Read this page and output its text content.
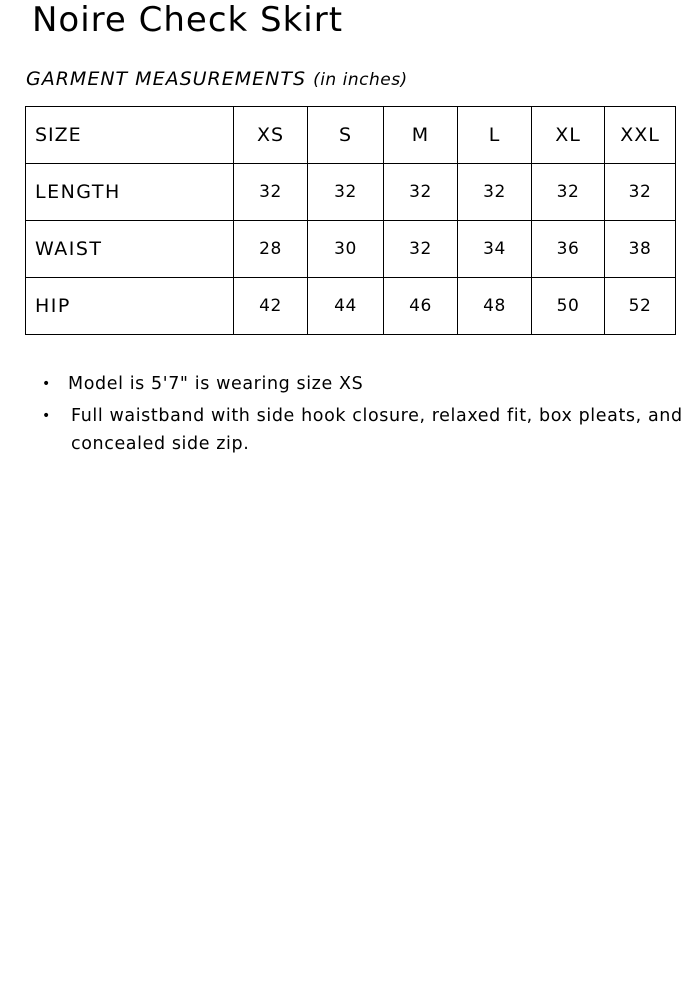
Noire Check Skirt

GARMENT MEASUREMENTS (in inches)

SIZE	XS	S	M	L	XL	XXL
LENGTH	32	32	32	32	32	32
WAIST	28	30	32	34	36	38
HIP	42	44	46	48	50	52
• Model is 5'7" is wearing size XS
•	Full waistband with side hook closure, relaxed fit, box pleats, and concealed side zip.
